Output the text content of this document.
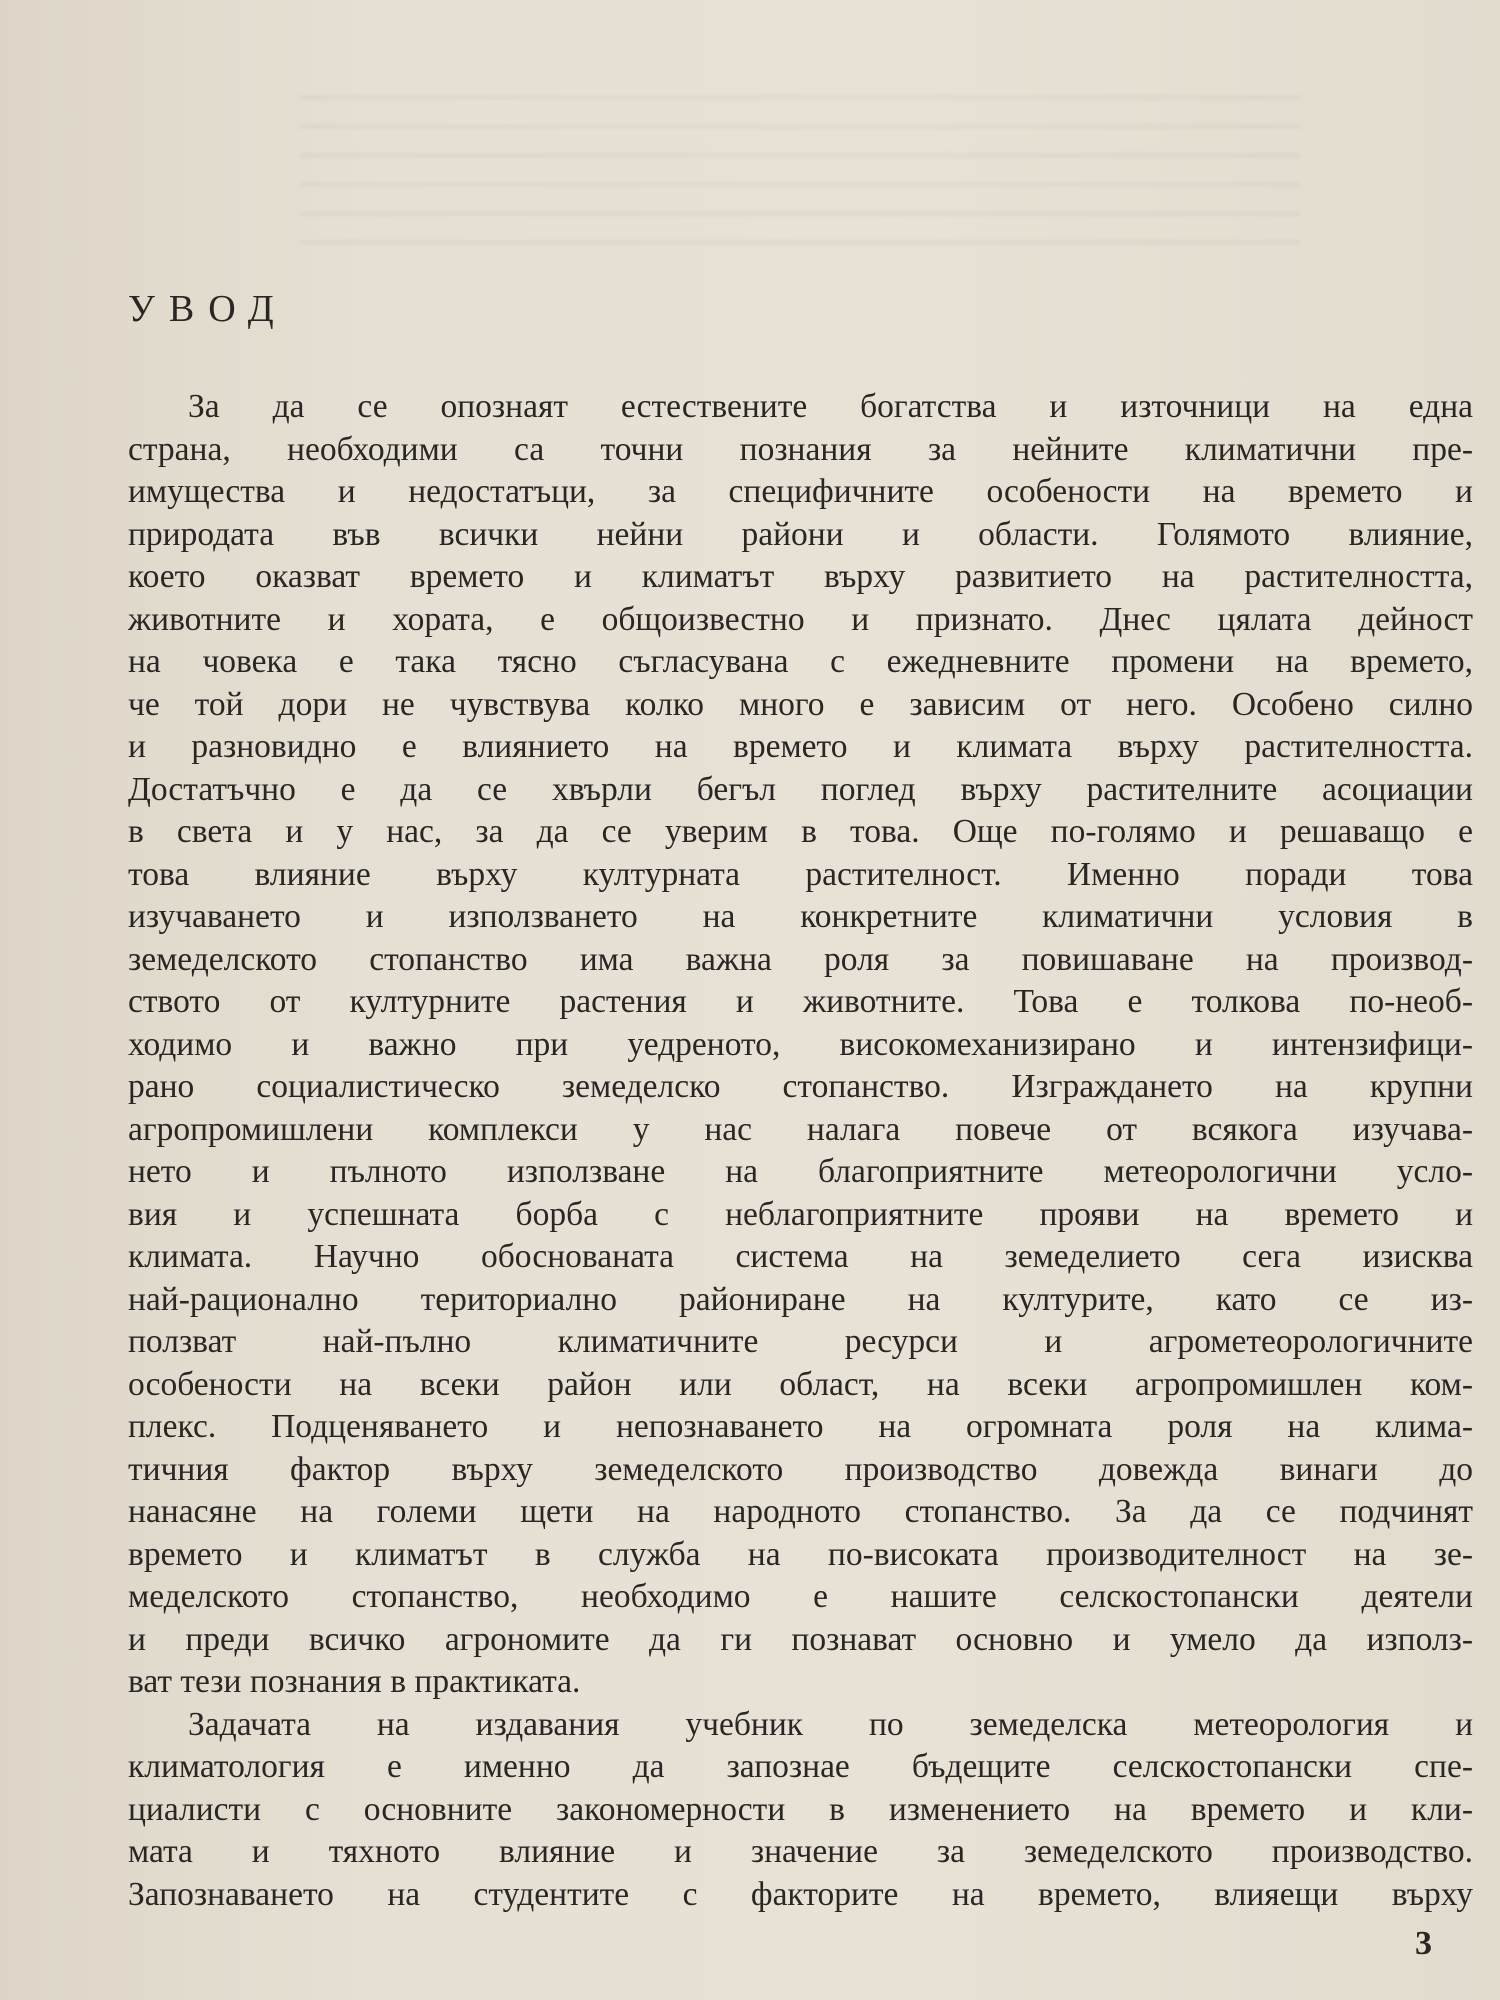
УВОД

За да се опознаят естествените богатства и източници на една
страна, необходими са точни познания за нейните климатични пре-
имущества и недостатъци, за специфичните особености на времето и
природата във всички нейни райони и области. Голямото влияние,
което оказват времето и климатът върху развитието на растителността,
животните и хората, е общоизвестно и признато. Днес цялата дейност
на човека е така тясно съгласувана с ежедневните промени на времето,
че той дори не чувствува колко много е зависим от него. Особено силно
и разновидно е влиянието на времето и климата върху растителността.
Достатъчно е да се хвърли бегъл поглед върху растителните асоциации
в света и у нас, за да се уверим в това. Още по-голямо и решаващо е
това влияние върху културната растителност. Именно поради това
изучаването и използването на конкретните климатични условия в
земеделското стопанство има важна роля за повишаване на производ-
ството от културните растения и животните. Това е толкова по-необ-
ходимо и важно при уедреното, високомеханизирано и интензифици-
рано социалистическо земеделско стопанство. Изграждането на крупни
агропромишлени комплекси у нас налага повече от всякога изучава-
нето и пълното използване на благоприятните метеорологични усло-
вия и успешната борба с неблагоприятните прояви на времето и
климата. Научно обоснованата система на земеделието сега изисква
най-рационално териториално райониране на културите, като се из-
ползват най-пълно климатичните ресурси и агрометеорологичните
особености на всеки район или област, на всеки агропромишлен ком-
плекс. Подценяването и непознаването на огромната роля на клима-
тичния фактор върху земеделското производство довежда винаги до
нанасяне на големи щети на народното стопанство. За да се подчинят
времето и климатът в служба на по-високата производителност на зе-
меделското стопанство, необходимо е нашите селскостопански деятели
и преди всичко агрономите да ги познават основно и умело да използ-
ват тези познания в практиката.

Задачата на издавания учебник по земеделска метеорология и
климатология е именно да запознае бъдещите селскостопански спе-
циалисти с основните закономерности в изменението на времето и кли-
мата и тяхното влияние и значение за земеделското производство.
Запознаването на студентите с факторите на времето, влияещи върху

3
